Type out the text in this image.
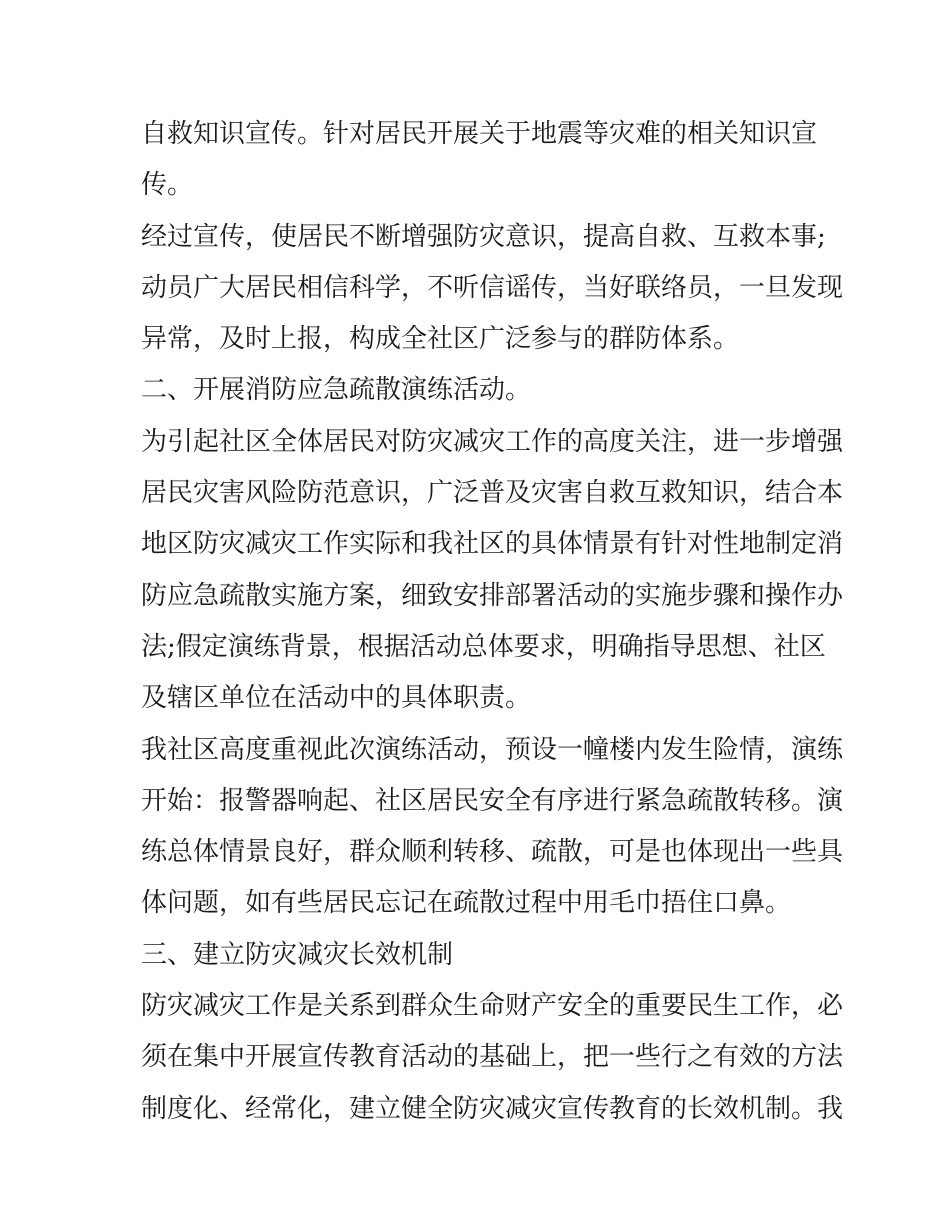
自救知识宣传。针对居民开展关于地震等灾难的相关知识宣
传。
经过宣传，使居民不断增强防灾意识，提高自救、互救本事;
动员广大居民相信科学，不听信谣传，当好联络员，一旦发现
异常，及时上报，构成全社区广泛参与的群防体系。
二、开展消防应急疏散演练活动。
为引起社区全体居民对防灾减灾工作的高度关注，进一步增强
居民灾害风险防范意识，广泛普及灾害自救互救知识，结合本
地区防灾减灾工作实际和我社区的具体情景有针对性地制定消
防应急疏散实施方案，细致安排部署活动的实施步骤和操作办
法;假定演练背景，根据活动总体要求，明确指导思想、社区
及辖区单位在活动中的具体职责。
我社区高度重视此次演练活动，预设一幢楼内发生险情，演练
开始：报警器响起、社区居民安全有序进行紧急疏散转移。演
练总体情景良好，群众顺利转移、疏散，可是也体现出一些具
体问题，如有些居民忘记在疏散过程中用毛巾捂住口鼻。
三、建立防灾减灾长效机制
防灾减灾工作是关系到群众生命财产安全的重要民生工作，必
须在集中开展宣传教育活动的基础上，把一些行之有效的方法
制度化、经常化，建立健全防灾减灾宣传教育的长效机制。我
